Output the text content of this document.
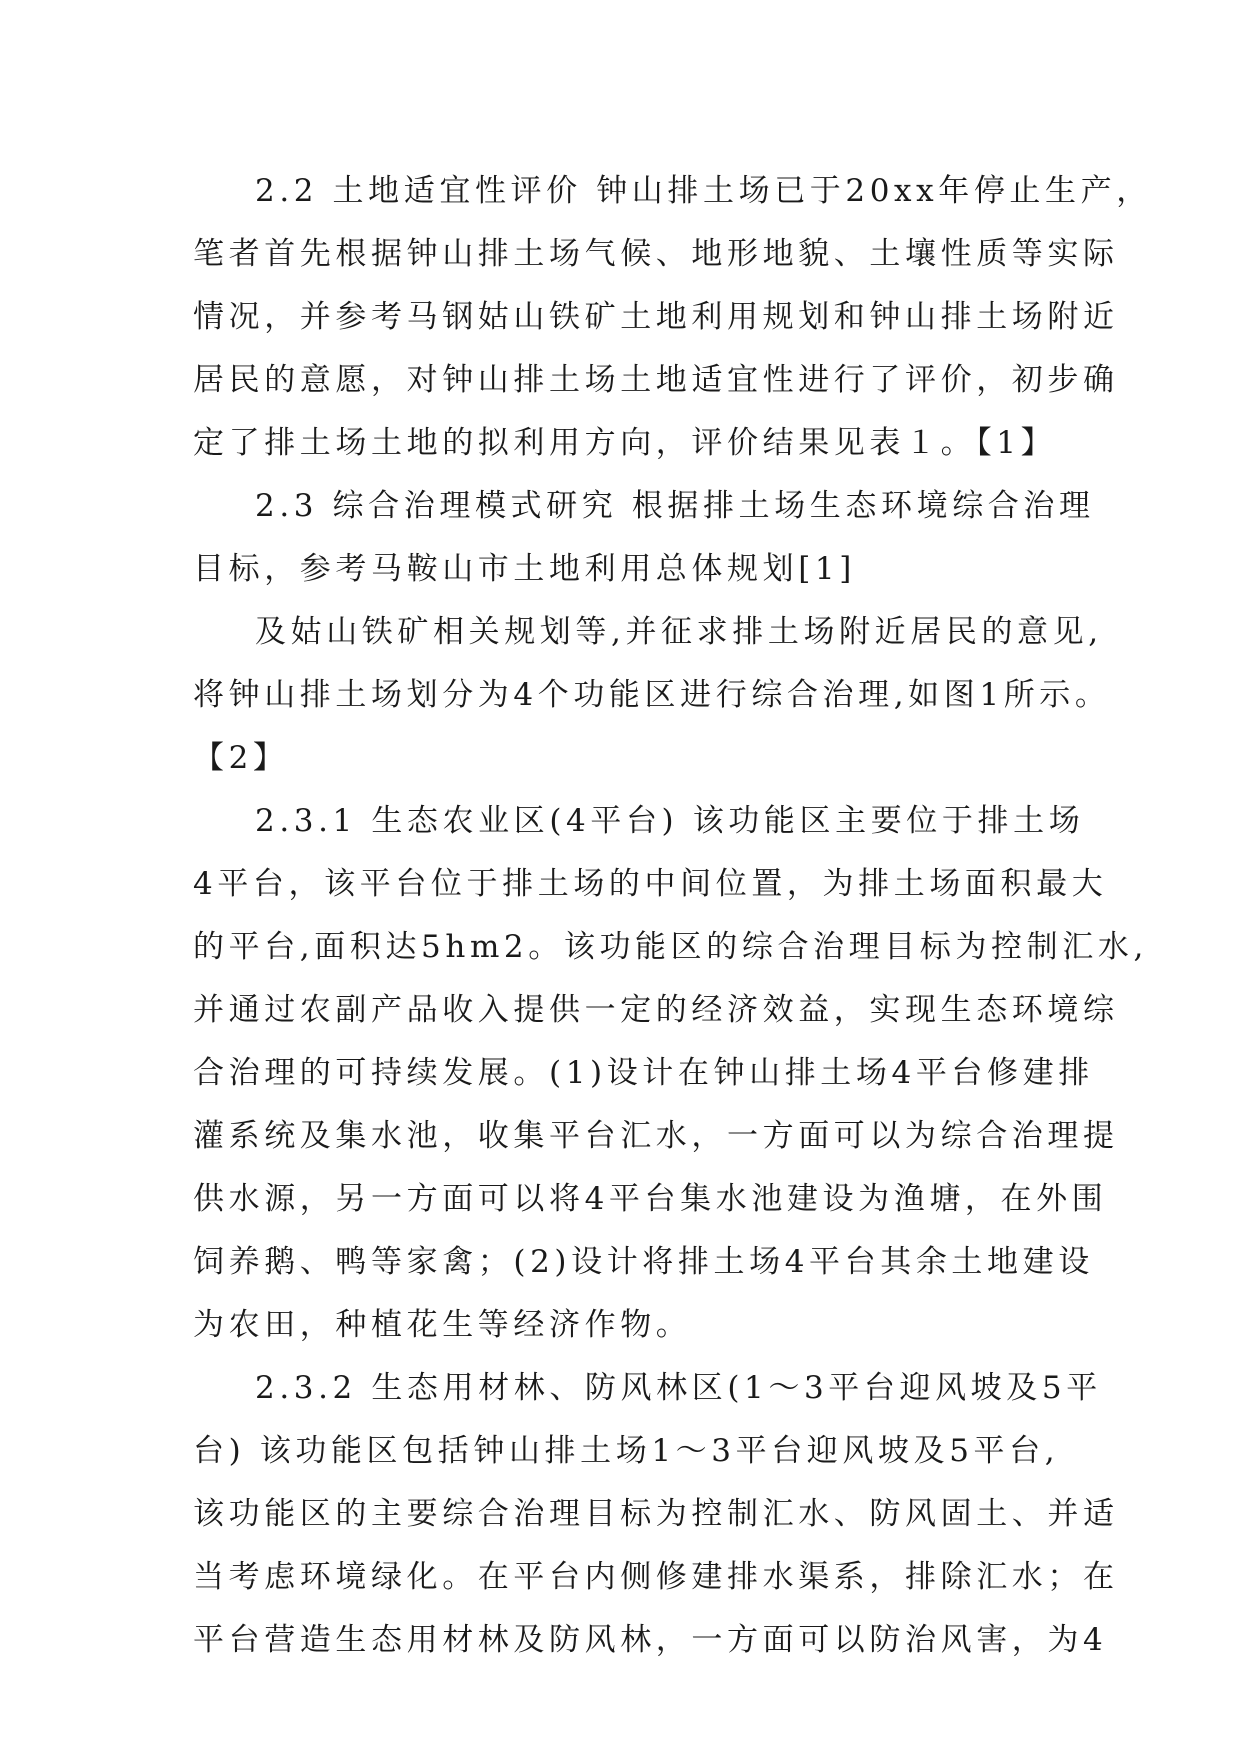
2.2 土地适宜性评价 钟山排土场已于20xx年停止生产，
笔者首先根据钟山排土场气候、地形地貌、土壤性质等实际
情况，并参考马钢姑山铁矿土地利用规划和钟山排土场附近
居民的意愿，对钟山排土场土地适宜性进行了评价，初步确
定了排土场土地的拟利用方向，评价结果见表１。【1】
2.3 综合治理模式研究 根据排土场生态环境综合治理
目标，参考马鞍山市土地利用总体规划[1]
及姑山铁矿相关规划等,并征求排土场附近居民的意见,
将钟山排土场划分为4个功能区进行综合治理,如图1所示。
【2】
2.3.1 生态农业区(4平台) 该功能区主要位于排土场
4平台，该平台位于排土场的中间位置，为排土场面积最大
的平台,面积达5hm2。该功能区的综合治理目标为控制汇水,
并通过农副产品收入提供一定的经济效益，实现生态环境综
合治理的可持续发展。(1)设计在钟山排土场4平台修建排
灌系统及集水池，收集平台汇水，一方面可以为综合治理提
供水源，另一方面可以将4平台集水池建设为渔塘，在外围
饲养鹅、鸭等家禽；(2)设计将排土场4平台其余土地建设
为农田，种植花生等经济作物。
2.3.2 生态用材林、防风林区(1～3平台迎风坡及5平
台) 该功能区包括钟山排土场1～3平台迎风坡及5平台,
该功能区的主要综合治理目标为控制汇水、防风固土、并适
当考虑环境绿化。在平台内侧修建排水渠系，排除汇水；在
平台营造生态用材林及防风林，一方面可以防治风害，为4
